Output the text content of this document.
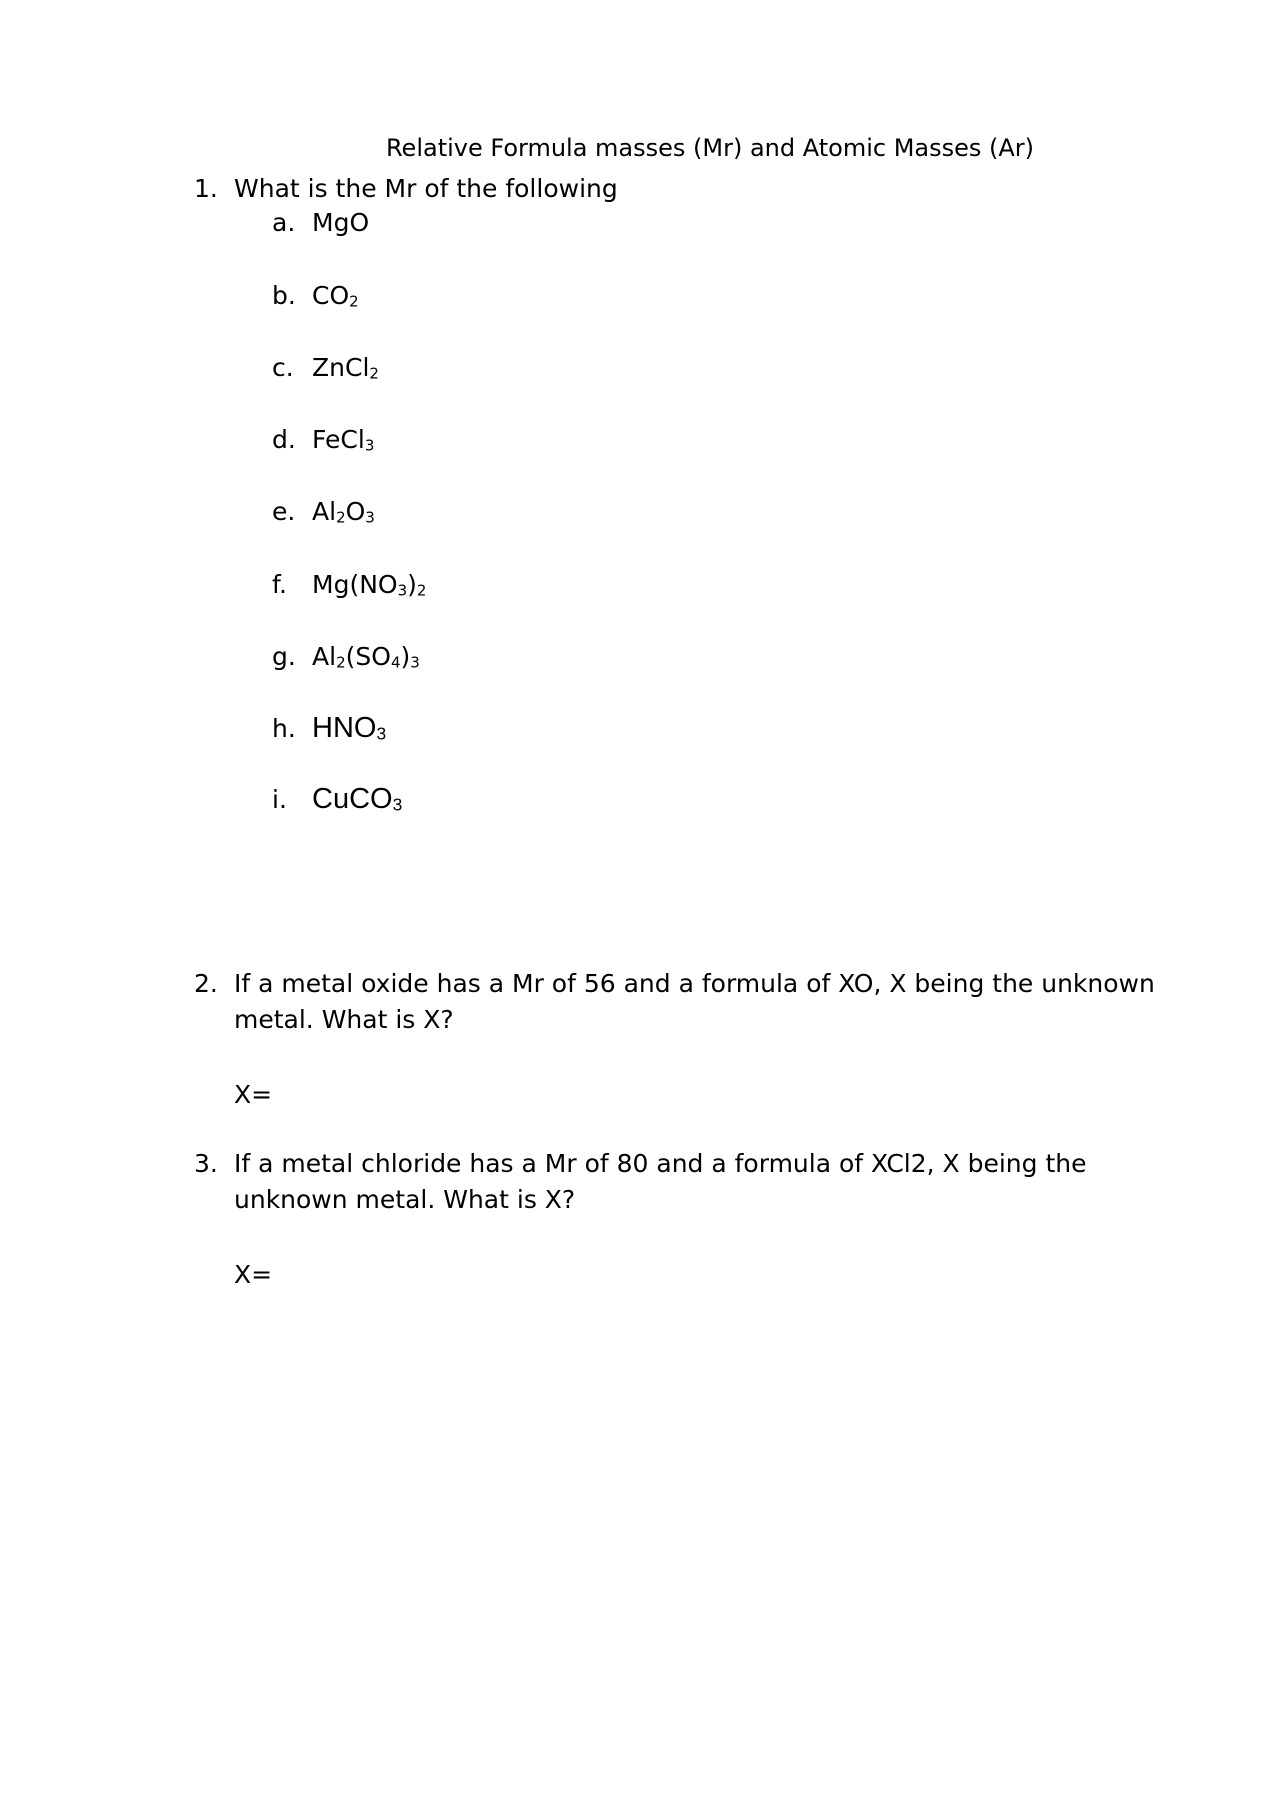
Relative Formula masses (Mr) and Atomic Masses (Ar)
1. What is the Mr of the following
a. MgO
b. $CO_2$
c. ZnCl$_2$
d. FeCl$_3$
e. $Al_2O_3$
f. $Mg(NO_3)_2$
g. $Al_2(SO_4)_3$
h. $HNO_3$
i. CuCO$_3$
2. If a metal oxide has a Mr of 56 and a formula of XO, X being the unknown
metal. What is X?
X=
3. If a metal chloride has a Mr of 80 and a formula of XCl2, X being the
unknown metal. What is X?
X=
